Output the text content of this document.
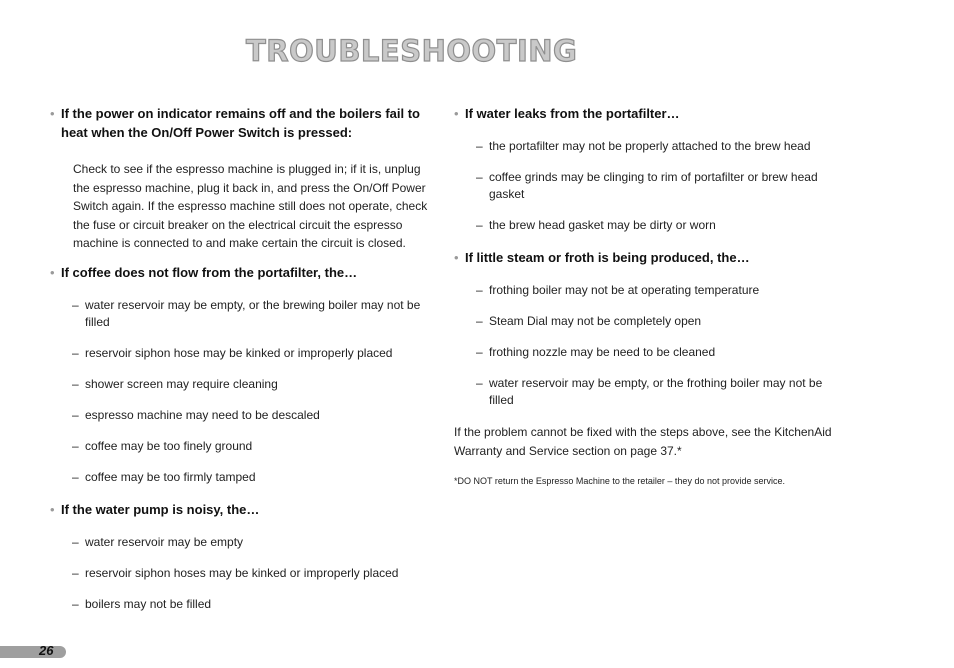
TROUBLESHOOTING
• If the power on indicator remains off and the boilers fail to heat when the On/Off Power Switch is pressed:
Check to see if the espresso machine is plugged in; if it is, unplug the espresso machine, plug it back in, and press the On/Off Power Switch again. If the espresso machine still does not operate, check the fuse or circuit breaker on the electrical circuit the espresso machine is connected to and make certain the circuit is closed.
• If coffee does not flow from the portafilter, the…
– water reservoir may be empty, or the brewing boiler may not be filled
– reservoir siphon hose may be kinked or improperly placed
– shower screen may require cleaning
– espresso machine may need to be descaled
– coffee may be too finely ground
– coffee may be too firmly tamped
• If the water pump is noisy, the…
– water reservoir may be empty
– reservoir siphon hoses may be kinked or improperly placed
– boilers may not be filled
• If water leaks from the portafilter…
– the portafilter may not be properly attached to the brew head
– coffee grinds may be clinging to rim of portafilter or brew head gasket
– the brew head gasket may be dirty or worn
• If little steam or froth is being produced, the…
– frothing boiler may not be at operating temperature
– Steam Dial may not be completely open
– frothing nozzle may be need to be cleaned
– water reservoir may be empty, or the frothing boiler may not be filled
If the problem cannot be fixed with the steps above, see the KitchenAid Warranty and Service section on page 37.*
*DO NOT return the Espresso Machine to the retailer – they do not provide service.
26
